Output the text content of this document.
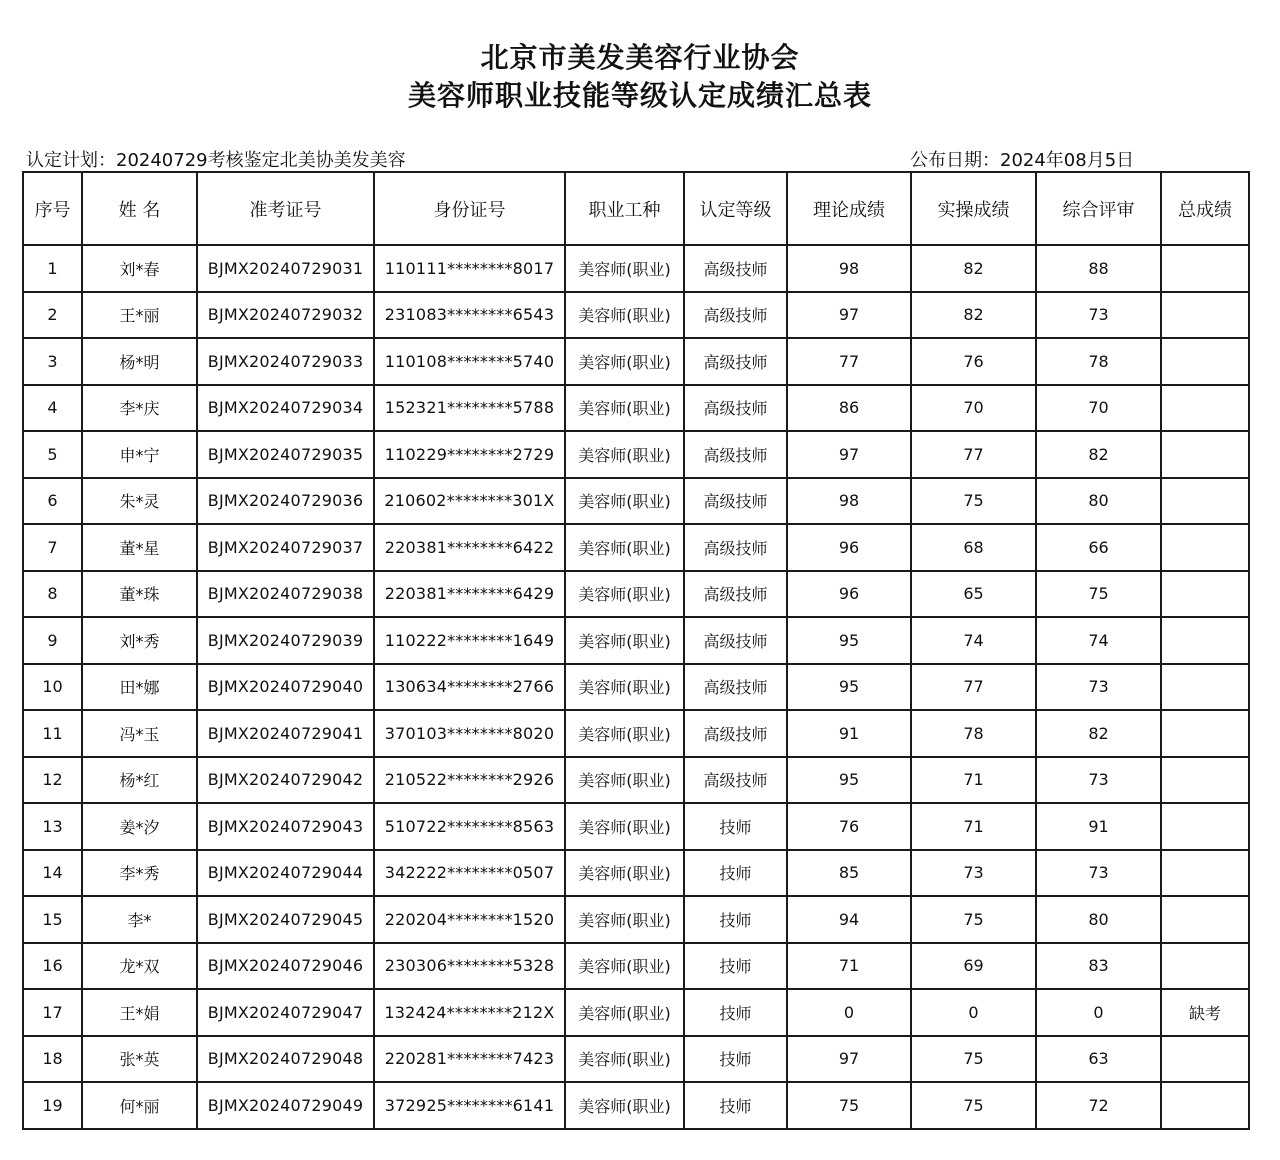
北京市美发美容行业协会
美容师职业技能等级认定成绩汇总表
认定计划：20240729考核鉴定北美协美发美容	公布日期：2024年08月5日
序号	姓 名	准考证号	身份证号	职业工种	认定等级	理论成绩	实操成绩	综合评审	总成绩
1	刘*春	BJMX20240729031	110111********8017	美容师(职业)	高级技师	98	82	88	
2	王*丽	BJMX20240729032	231083********6543	美容师(职业)	高级技师	97	82	73	
3	杨*明	BJMX20240729033	110108********5740	美容师(职业)	高级技师	77	76	78	
4	李*庆	BJMX20240729034	152321********5788	美容师(职业)	高级技师	86	70	70	
5	申*宁	BJMX20240729035	110229********2729	美容师(职业)	高级技师	97	77	82	
6	朱*灵	BJMX20240729036	210602********301X	美容师(职业)	高级技师	98	75	80	
7	董*星	BJMX20240729037	220381********6422	美容师(职业)	高级技师	96	68	66	
8	董*珠	BJMX20240729038	220381********6429	美容师(职业)	高级技师	96	65	75	
9	刘*秀	BJMX20240729039	110222********1649	美容师(职业)	高级技师	95	74	74	
10	田*娜	BJMX20240729040	130634********2766	美容师(职业)	高级技师	95	77	73	
11	冯*玉	BJMX20240729041	370103********8020	美容师(职业)	高级技师	91	78	82	
12	杨*红	BJMX20240729042	210522********2926	美容师(职业)	高级技师	95	71	73	
13	姜*汐	BJMX20240729043	510722********8563	美容师(职业)	技师	76	71	91	
14	李*秀	BJMX20240729044	342222********0507	美容师(职业)	技师	85	73	73	
15	李*	BJMX20240729045	220204********1520	美容师(职业)	技师	94	75	80	
16	龙*双	BJMX20240729046	230306********5328	美容师(职业)	技师	71	69	83	
17	王*娟	BJMX20240729047	132424********212X	美容师(职业)	技师	0	0	0	缺考
18	张*英	BJMX20240729048	220281********7423	美容师(职业)	技师	97	75	63	
19	何*丽	BJMX20240729049	372925********6141	美容师(职业)	技师	75	75	72	
